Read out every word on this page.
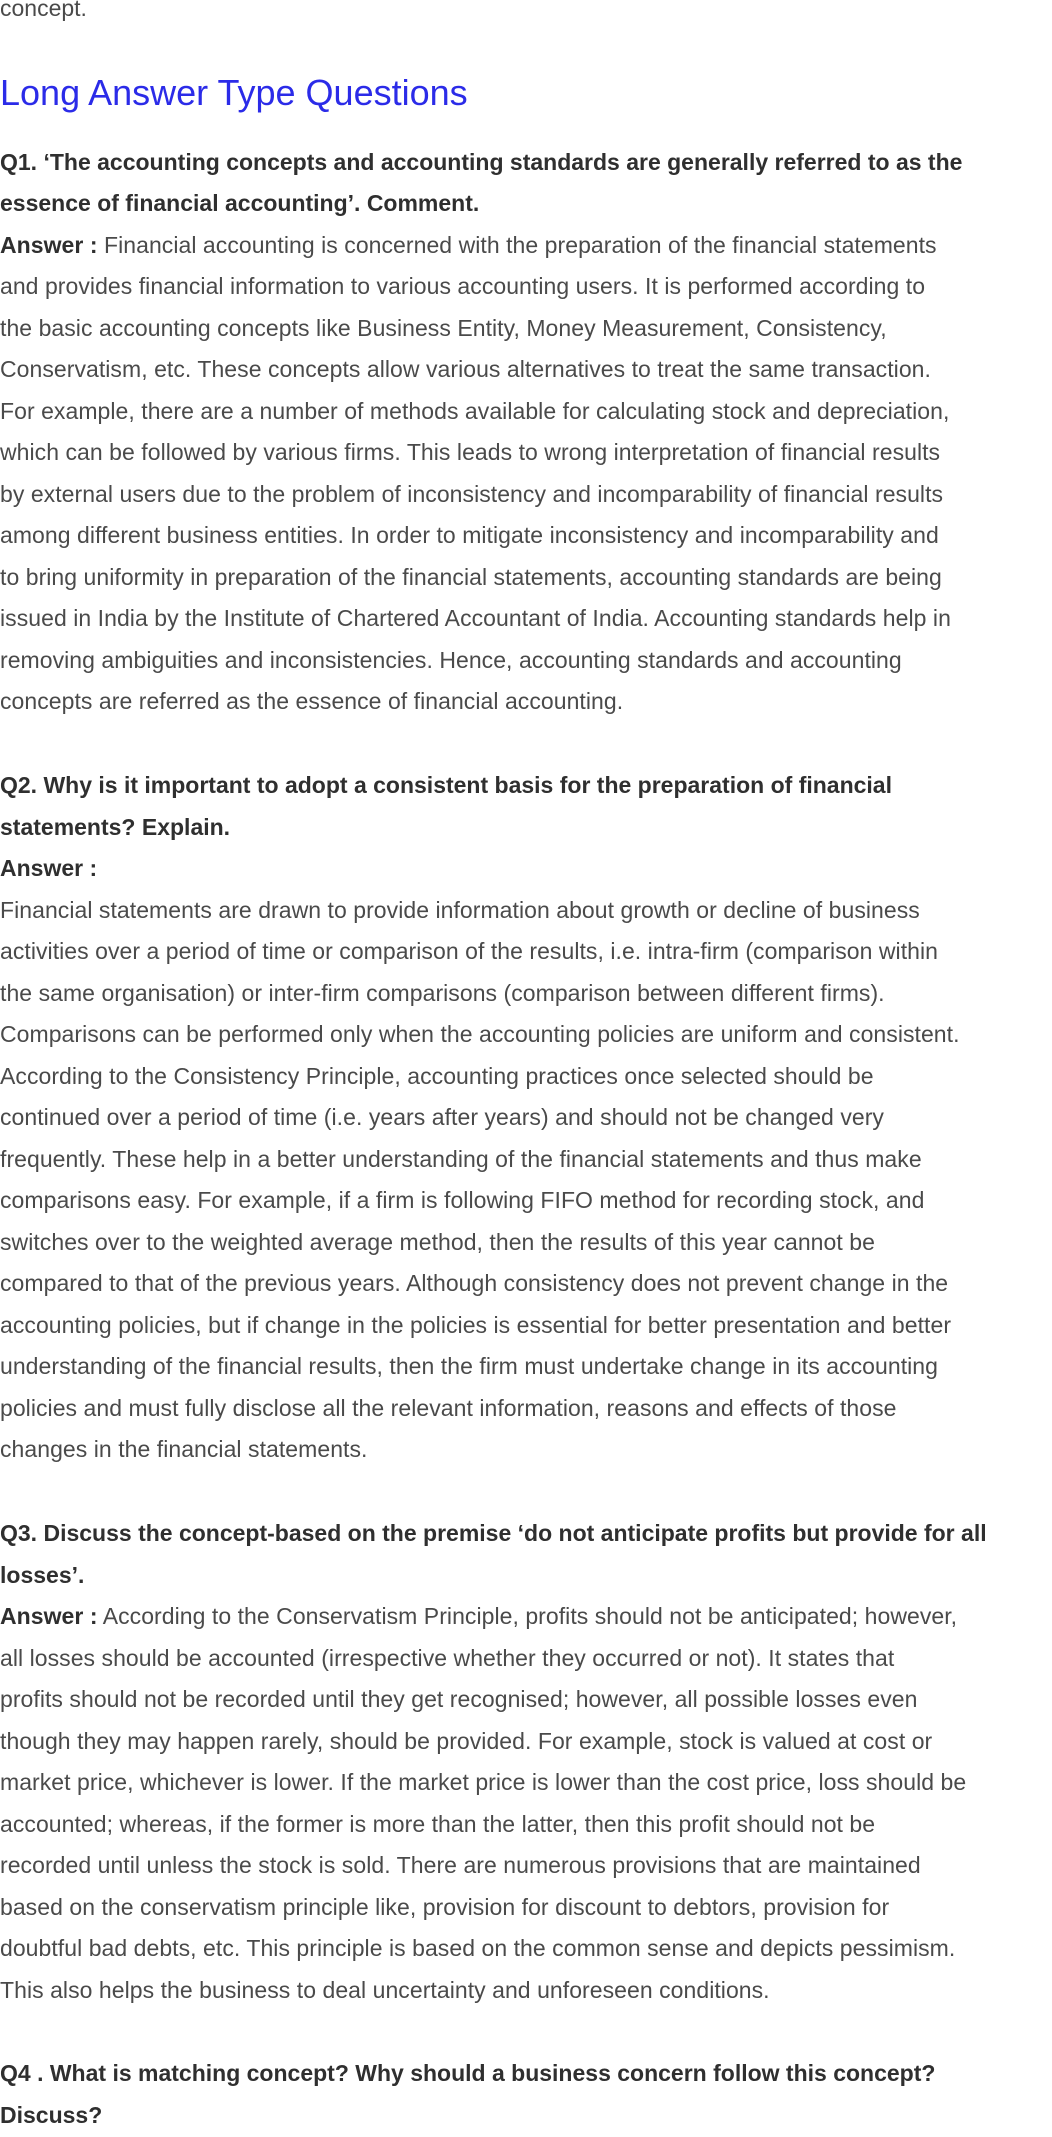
concept.
Long Answer Type Questions
Q1. ‘The accounting concepts and accounting standards are generally referred to as the
essence of financial accounting’. Comment.
Answer : Financial accounting is concerned with the preparation of the financial statements
and provides financial information to various accounting users. It is performed according to
the basic accounting concepts like Business Entity, Money Measurement, Consistency,
Conservatism, etc. These concepts allow various alternatives to treat the same transaction.
For example, there are a number of methods available for calculating stock and depreciation,
which can be followed by various firms. This leads to wrong interpretation of financial results
by external users due to the problem of inconsistency and incomparability of financial results
among different business entities. In order to mitigate inconsistency and incomparability and
to bring uniformity in preparation of the financial statements, accounting standards are being
issued in India by the Institute of Chartered Accountant of India. Accounting standards help in
removing ambiguities and inconsistencies. Hence, accounting standards and accounting
concepts are referred as the essence of financial accounting.
Q2. Why is it important to adopt a consistent basis for the preparation of financial
statements? Explain.
Answer :
Financial statements are drawn to provide information about growth or decline of business
activities over a period of time or comparison of the results, i.e. intra-firm (comparison within
the same organisation) or inter-firm comparisons (comparison between different firms).
Comparisons can be performed only when the accounting policies are uniform and consistent.
According to the Consistency Principle, accounting practices once selected should be
continued over a period of time (i.e. years after years) and should not be changed very
frequently. These help in a better understanding of the financial statements and thus make
comparisons easy. For example, if a firm is following FIFO method for recording stock, and
switches over to the weighted average method, then the results of this year cannot be
compared to that of the previous years. Although consistency does not prevent change in the
accounting policies, but if change in the policies is essential for better presentation and better
understanding of the financial results, then the firm must undertake change in its accounting
policies and must fully disclose all the relevant information, reasons and effects of those
changes in the financial statements.
Q3. Discuss the concept-based on the premise ‘do not anticipate profits but provide for all
losses’.
Answer : According to the Conservatism Principle, profits should not be anticipated; however,
all losses should be accounted (irrespective whether they occurred or not). It states that
profits should not be recorded until they get recognised; however, all possible losses even
though they may happen rarely, should be provided. For example, stock is valued at cost or
market price, whichever is lower. If the market price is lower than the cost price, loss should be
accounted; whereas, if the former is more than the latter, then this profit should not be
recorded until unless the stock is sold. There are numerous provisions that are maintained
based on the conservatism principle like, provision for discount to debtors, provision for
doubtful bad debts, etc. This principle is based on the common sense and depicts pessimism.
This also helps the business to deal uncertainty and unforeseen conditions.
Q4 . What is matching concept? Why should a business concern follow this concept?
Discuss?
